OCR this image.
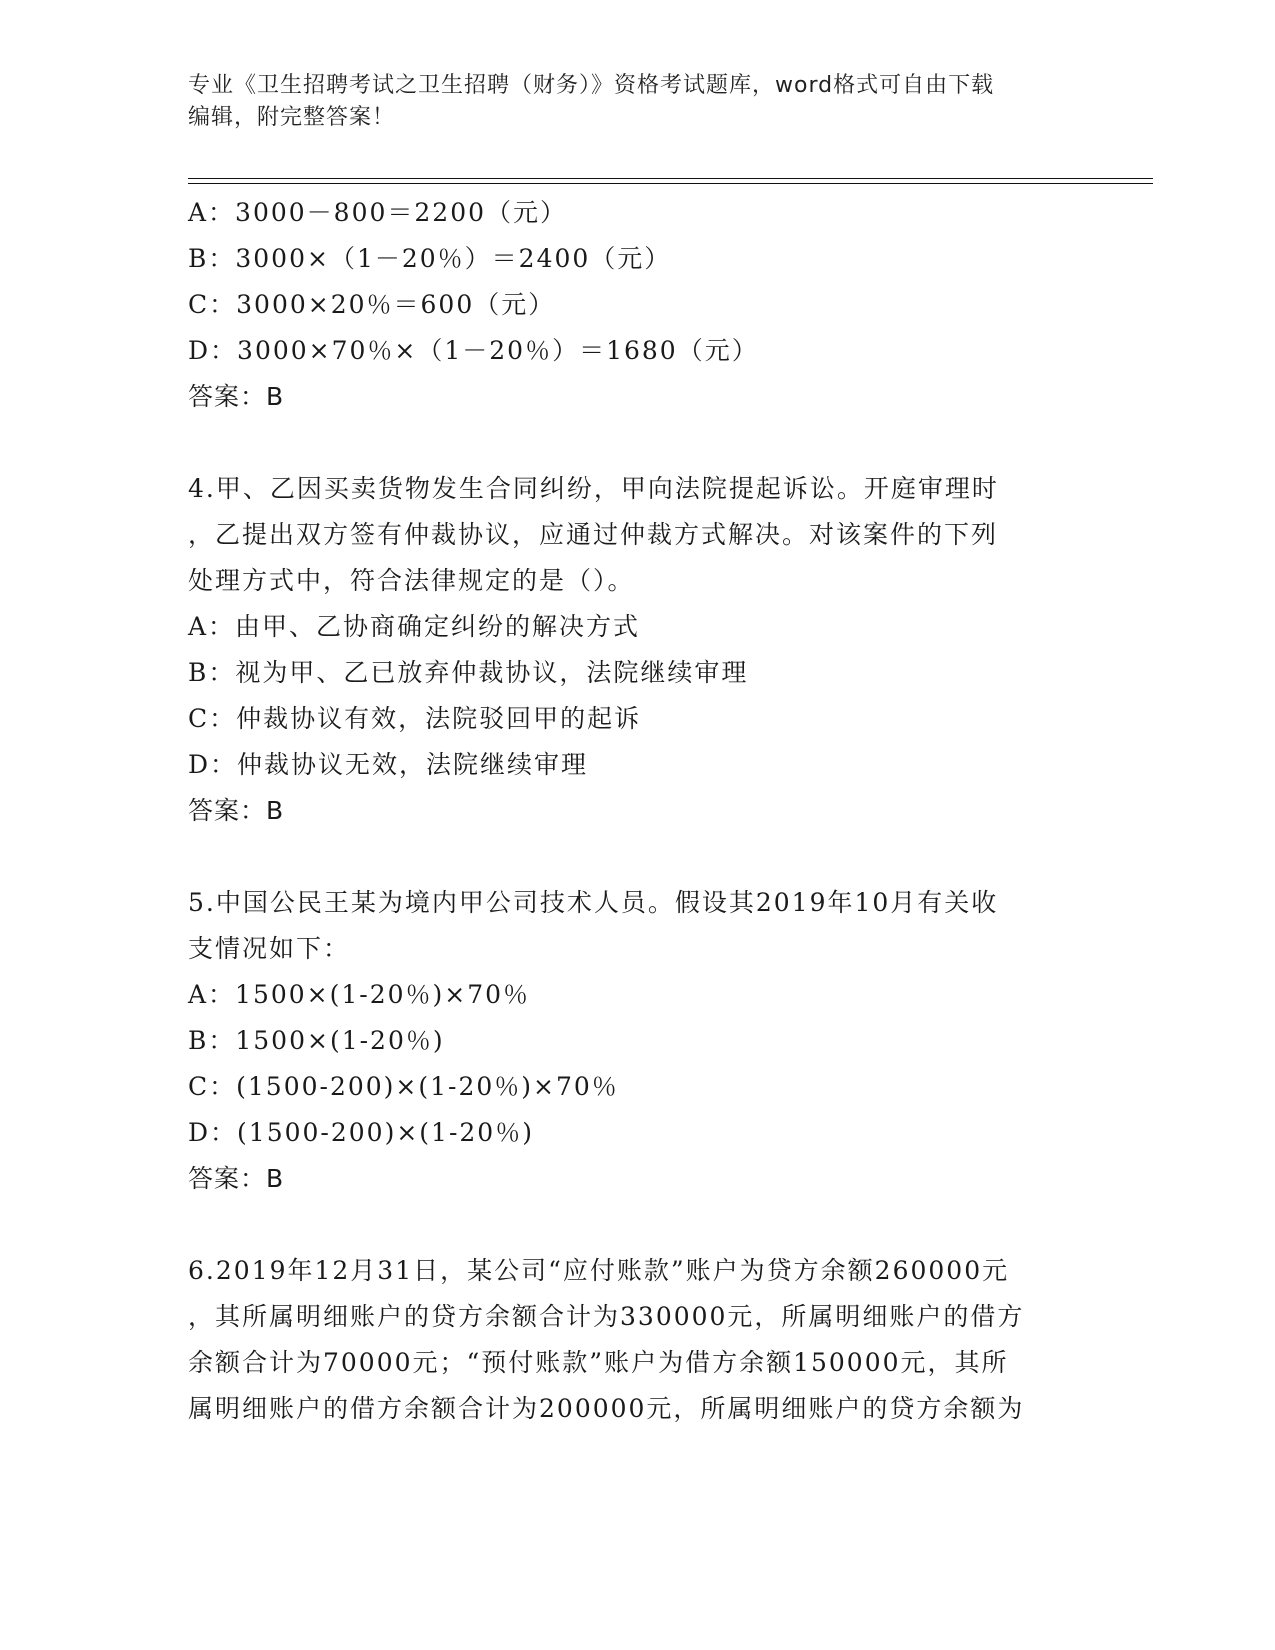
专业《卫生招聘考试之卫生招聘（财务）》资格考试题库，word格式可自由下载
编辑，附完整答案！
A：3000－800＝2200（元）
B：3000×（1－20％）＝2400（元）
C：3000×20％＝600（元）
D：3000×70％×（1－20％）＝1680（元）
答案：B
4.甲、乙因买卖货物发生合同纠纷，甲向法院提起诉讼。开庭审理时
，乙提出双方签有仲裁协议，应通过仲裁方式解决。对该案件的下列
处理方式中，符合法律规定的是（）。
A：由甲、乙协商确定纠纷的解决方式
B：视为甲、乙已放弃仲裁协议，法院继续审理
C：仲裁协议有效，法院驳回甲的起诉
D：仲裁协议无效，法院继续审理
答案：B
5.中国公民王某为境内甲公司技术人员。假设其2019年10月有关收
支情况如下：
A：1500×(1-20％)×70％
B：1500×(1-20％)
C：(1500-200)×(1-20％)×70％
D：(1500-200)×(1-20％)
答案：B
6.2019年12月31日，某公司“应付账款”账户为贷方余额260000元
，其所属明细账户的贷方余额合计为330000元，所属明细账户的借方
余额合计为70000元；“预付账款”账户为借方余额150000元，其所
属明细账户的借方余额合计为200000元，所属明细账户的贷方余额为
